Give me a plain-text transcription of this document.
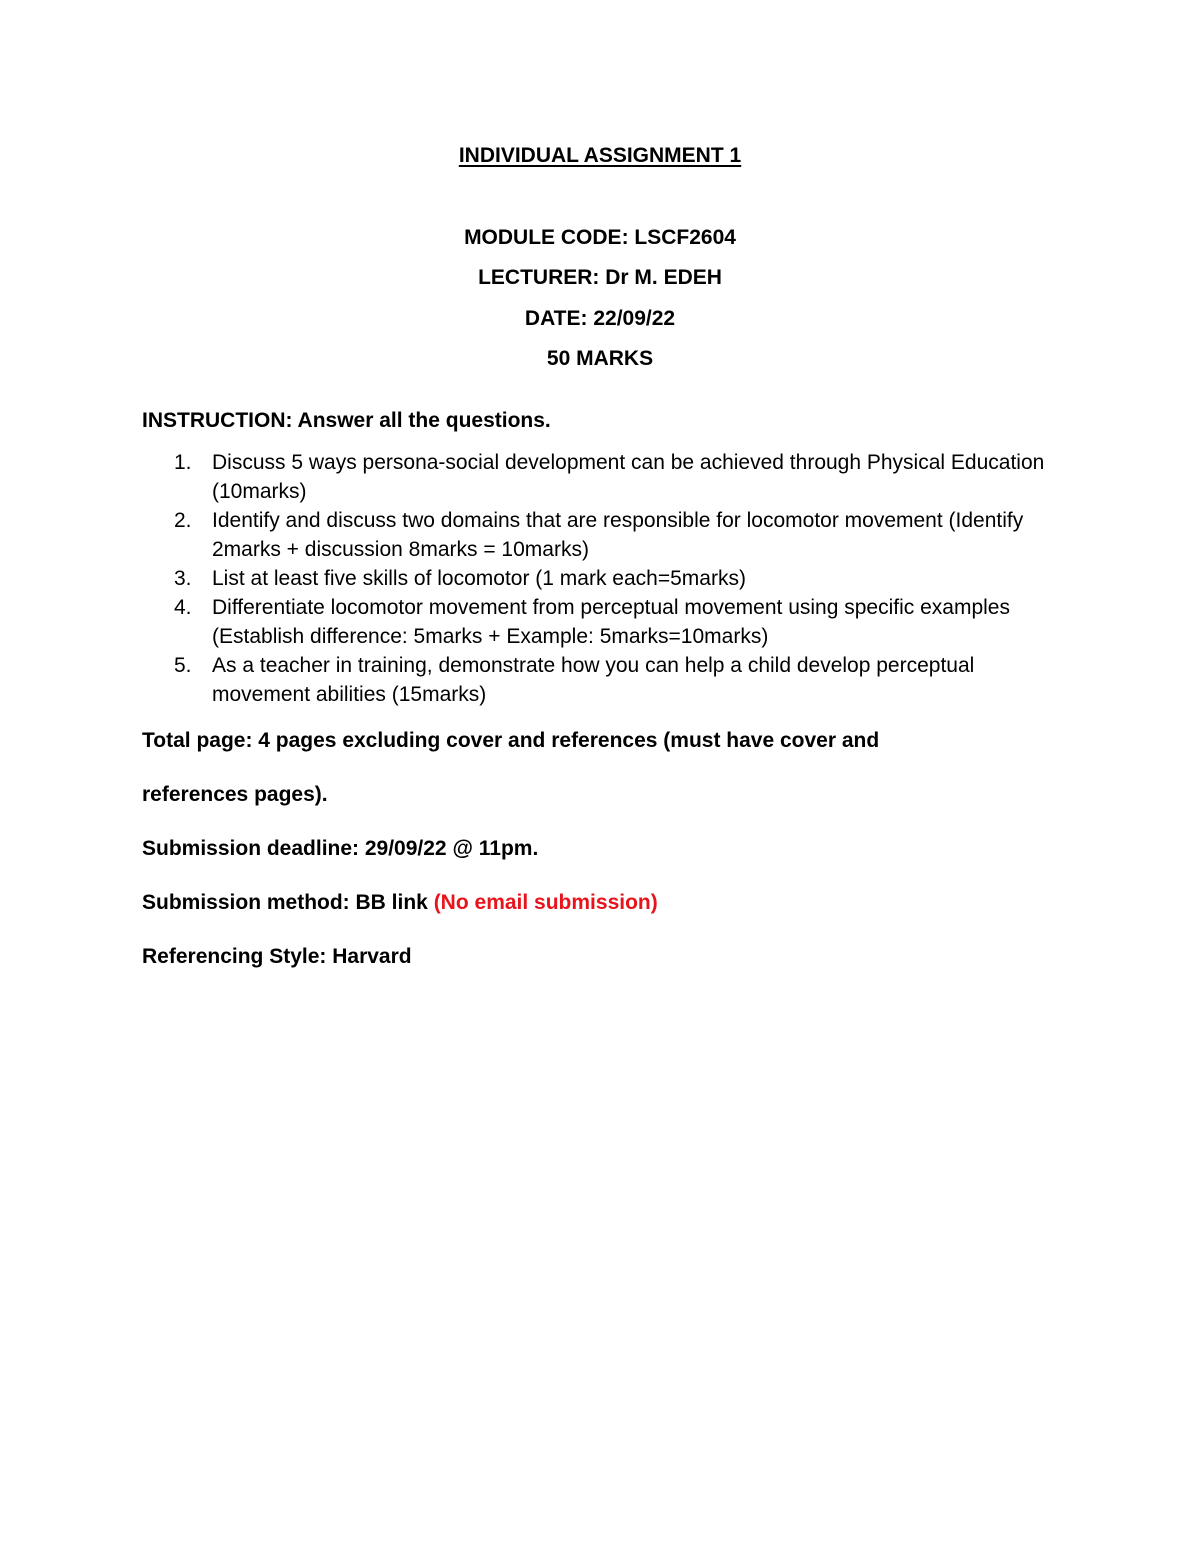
INDIVIDUAL ASSIGNMENT 1
MODULE CODE: LSCF2604
LECTURER: Dr M. EDEH
DATE: 22/09/22
50 MARKS
INSTRUCTION: Answer all the questions.
1. Discuss 5 ways persona-social development can be achieved through Physical Education (10marks)
2. Identify and discuss two domains that are responsible for locomotor movement (Identify 2marks + discussion 8marks = 10marks)
3. List at least five skills of locomotor (1 mark each=5marks)
4. Differentiate locomotor movement from perceptual movement using specific examples (Establish difference: 5marks + Example: 5marks=10marks)
5. As a teacher in training, demonstrate how you can help a child develop perceptual movement abilities (15marks)
Total page: 4 pages excluding cover and references (must have cover and
references pages).
Submission deadline: 29/09/22 @ 11pm.
Submission method: BB link (No email submission)
Referencing Style: Harvard
